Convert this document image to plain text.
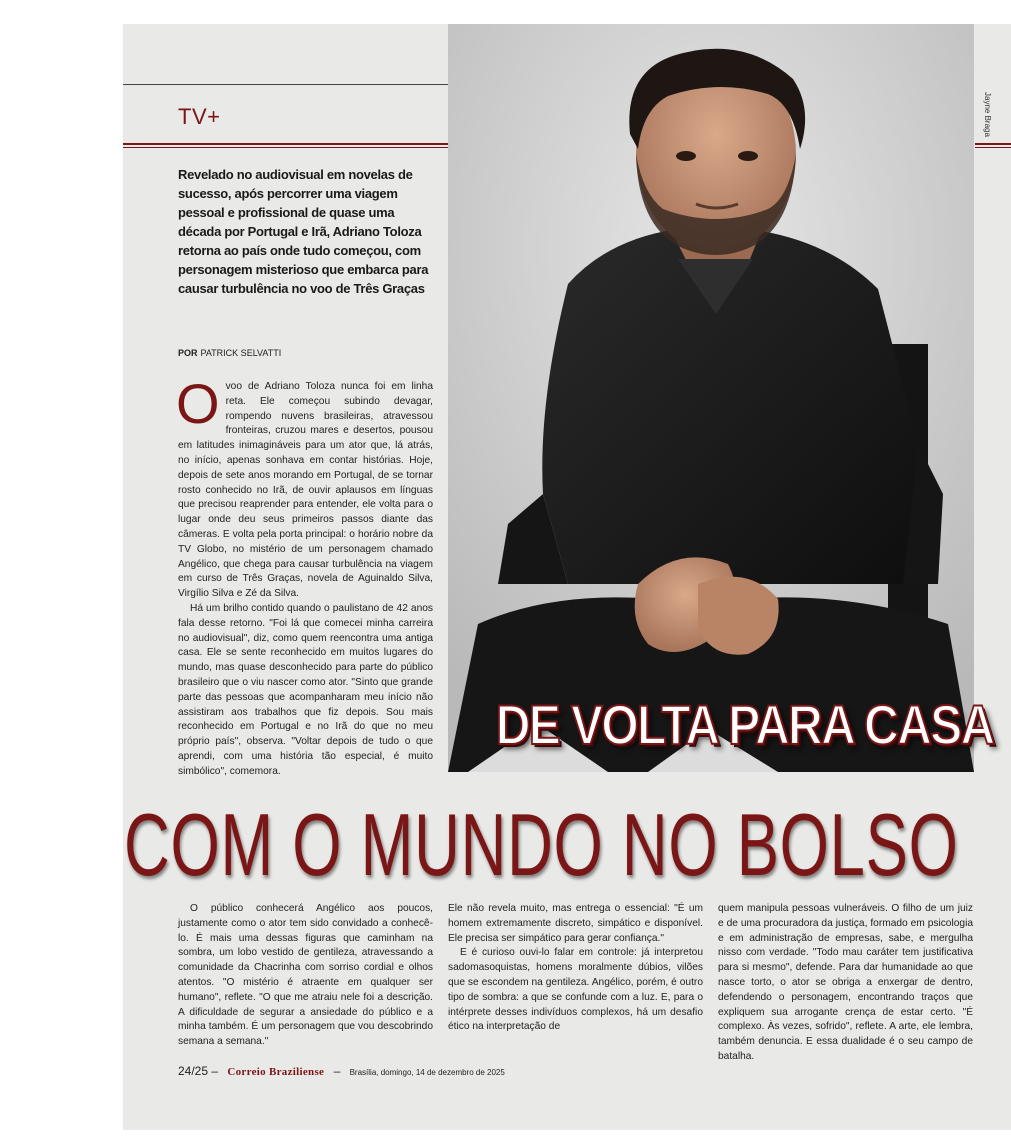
TV+	Jayne Braga
Revelado no audiovisual em novelas de sucesso, após percorrer uma viagem pessoal e profissional de quase uma década por Portugal e Irã, Adriano Toloza retorna ao país onde tudo começou, com personagem misterioso que embarca para causar turbulência no voo de Três Graças
POR PATRICK SELVATTI
O voo de Adriano Toloza nunca foi em linha reta. Ele começou subindo devagar, rompendo nuvens brasileiras, atravessou fronteiras, cruzou mares e desertos, pousou em latitudes inimagináveis para um ator que, lá atrás, no início, apenas sonhava em contar histórias. Hoje, depois de sete anos morando em Portugal, de se tornar rosto conhecido no Irã, de ouvir aplausos em línguas que precisou reaprender para entender, ele volta para o lugar onde deu seus primeiros passos diante das câmeras. E volta pela porta principal: o horário nobre da TV Globo, no mistério de um personagem chamado Angélico, que chega para causar turbulência na viagem em curso de Três Graças, novela de Aguinaldo Silva, Virgílio Silva e Zé da Silva.

Há um brilho contido quando o paulistano de 42 anos fala desse retorno. "Foi lá que comecei minha carreira no audiovisual", diz, como quem reencontra uma antiga casa. Ele se sente reconhecido em muitos lugares do mundo, mas quase desconhecido para parte do público brasileiro que o viu nascer como ator. "Sinto que grande parte das pessoas que acompanharam meu início não assistiram aos trabalhos que fiz depois. Sou mais reconhecido em Portugal e no Irã do que no meu próprio país", observa. "Voltar depois de tudo o que aprendi, com uma história tão especial, é muito simbólico", comemora.

DE VOLTA PARA CASA
COM O MUNDO NO BOLSO

O público conhecerá Angélico aos poucos, justamente como o ator tem sido convidado a conhecê-lo. É mais uma dessas figuras que caminham na sombra, um lobo vestido de gentileza, atravessando a comunidade da Chacrinha com sorriso cordial e olhos atentos. "O mistério é atraente em qualquer ser humano", reflete. "O que me atraiu nele foi a descrição. A dificuldade de segurar a ansiedade do público e a minha também. É um personagem que vou descobrindo semana a semana."

Ele não revela muito, mas entrega o essencial: "É um homem extremamente discreto, simpático e disponível. Ele precisa ser simpático para gerar confiança."

E é curioso ouvi-lo falar em controle: já interpretou sadomasoquistas, homens moralmente dúbios, vilões que se escondem na gentileza. Angélico, porém, é outro tipo de sombra: a que se confunde com a luz. E, para o intérprete desses indivíduos complexos, há um desafio ético na interpretação de

quem manipula pessoas vulneráveis. O filho de um juiz e de uma procuradora da justiça, formado em psicologia e em administração de empresas, sabe, e mergulha nisso com verdade. "Todo mau caráter tem justificativa para si mesmo", defende. Para dar humanidade ao que nasce torto, o ator se obriga a enxergar de dentro, defendendo o personagem, encontrando traços que expliquem sua arrogante crença de estar certo. "É complexo. Às vezes, sofrido", reflete. A arte, ele lembra, também denuncia. E essa dualidade é o seu campo de batalha.

24/25 – Correio Braziliense – Brasília, domingo, 14 de dezembro de 2025
